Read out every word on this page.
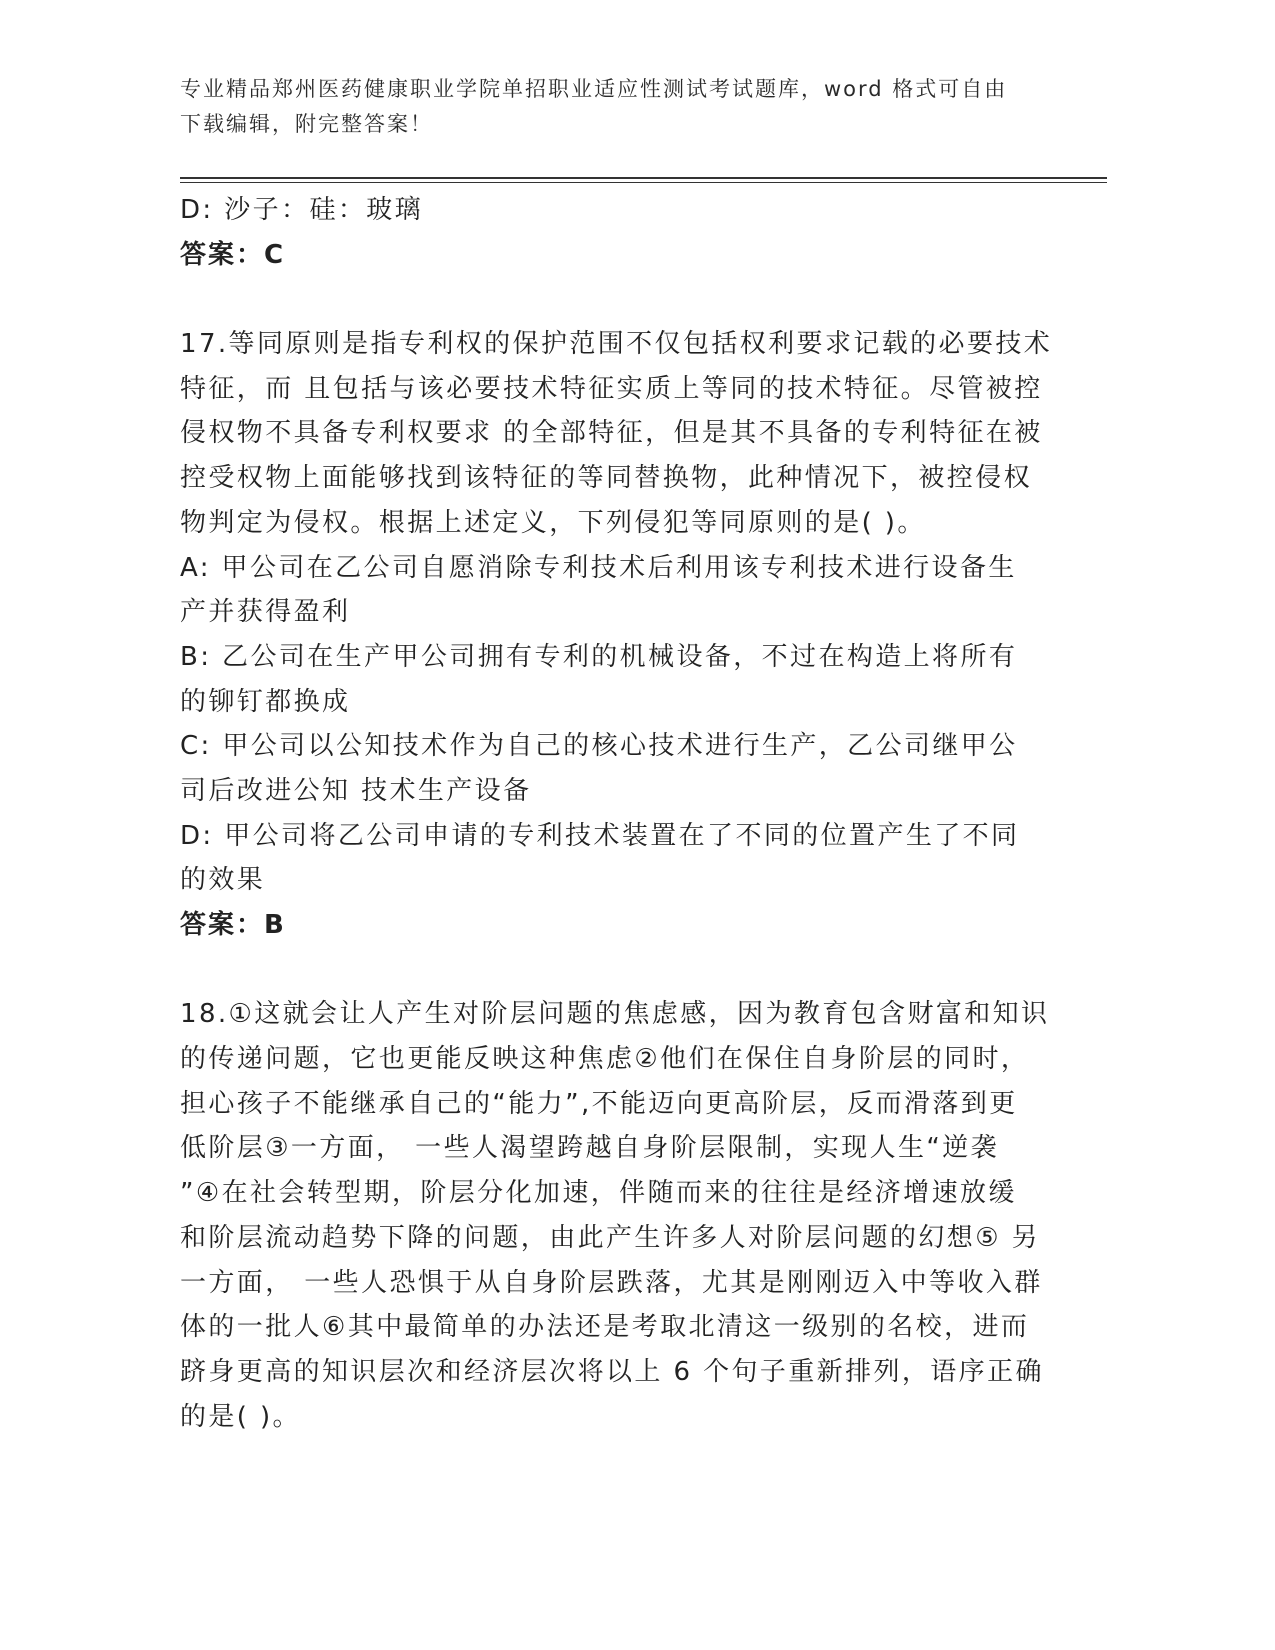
专业精品郑州医药健康职业学院单招职业适应性测试考试题库，word 格式可自由
下载编辑，附完整答案！
D: 沙子：硅：玻璃
答案：C
17.等同原则是指专利权的保护范围不仅包括权利要求记载的必要技术
特征，而 且包括与该必要技术特征实质上等同的技术特征。尽管被控
侵权物不具备专利权要求 的全部特征，但是其不具备的专利特征在被
控受权物上面能够找到该特征的等同替换物，此种情况下，被控侵权
物判定为侵权。根据上述定义，下列侵犯等同原则的是( )。
A: 甲公司在乙公司自愿消除专利技术后利用该专利技术进行设备生
产并获得盈利
B: 乙公司在生产甲公司拥有专利的机械设备，不过在构造上将所有
的铆钉都换成
C: 甲公司以公知技术作为自己的核心技术进行生产，乙公司继甲公
司后改进公知 技术生产设备
D: 甲公司将乙公司申请的专利技术装置在了不同的位置产生了不同
的效果
答案：B
18.①这就会让人产生对阶层问题的焦虑感，因为教育包含财富和知识
的传递问题，它也更能反映这种焦虑②他们在保住自身阶层的同时，
担心孩子不能继承自己的“能力”,不能迈向更高阶层，反而滑落到更
低阶层③一方面， 一些人渴望跨越自身阶层限制，实现人生“逆袭
”④在社会转型期，阶层分化加速，伴随而来的往往是经济增速放缓
和阶层流动趋势下降的问题，由此产生许多人对阶层问题的幻想⑤ 另
一方面， 一些人恐惧于从自身阶层跌落，尤其是刚刚迈入中等收入群
体的一批人⑥其中最简单的办法还是考取北清这一级别的名校，进而
跻身更高的知识层次和经济层次将以上 6 个句子重新排列，语序正确
的是( )。
